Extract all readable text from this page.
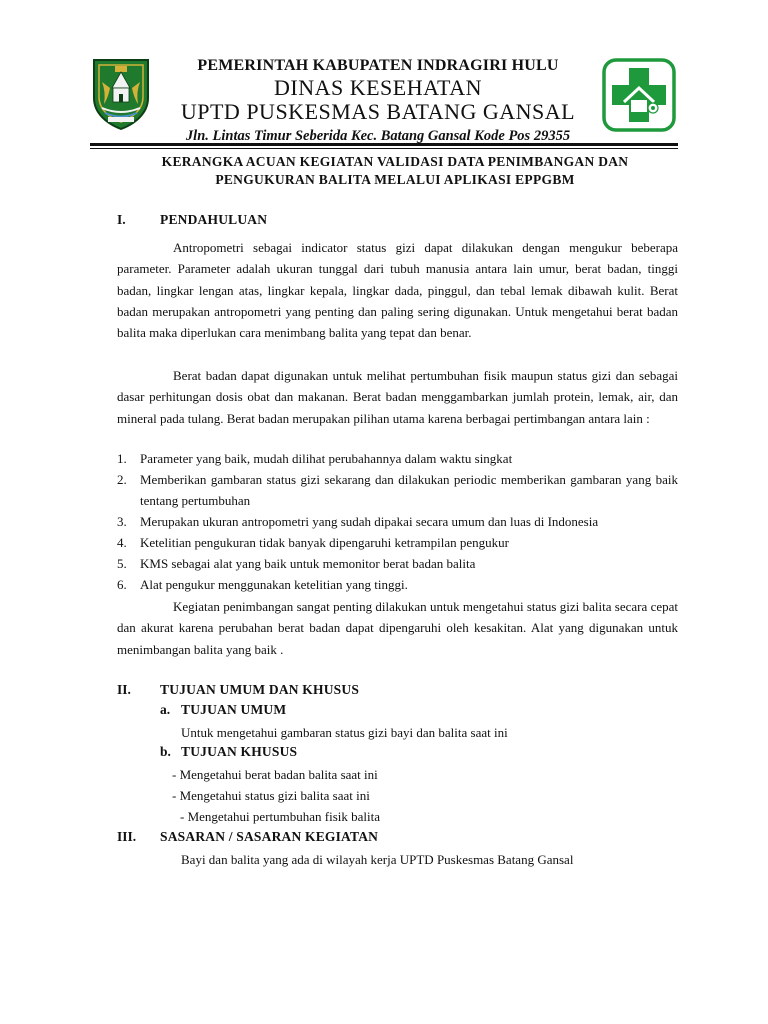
PEMERINTAH KABUPATEN INDRAGIRI HULU
DINAS KESEHATAN
UPTD PUSKESMAS BATANG GANSAL
Jln. Lintas Timur Seberida Kec. Batang Gansal Kode Pos 29355
KERANGKA ACUAN KEGIATAN VALIDASI DATA PENIMBANGAN DAN
PENGUKURAN BALITA MELALUI APLIKASI EPPGBM
I.	PENDAHULUAN
Antropometri sebagai indicator status gizi dapat dilakukan dengan mengukur beberapa parameter. Parameter adalah ukuran tunggal dari tubuh manusia antara lain umur, berat badan, tinggi badan, lingkar lengan atas, lingkar kepala, lingkar dada, pinggul, dan tebal lemak dibawah kulit. Berat badan merupakan antropometri yang penting dan paling sering digunakan. Untuk mengetahui berat badan balita maka diperlukan cara menimbang balita yang tepat dan benar.
Berat badan dapat digunakan untuk melihat pertumbuhan fisik maupun status gizi dan sebagai dasar perhitungan dosis obat dan makanan. Berat badan menggambarkan jumlah protein, lemak, air, dan mineral pada tulang. Berat badan merupakan pilihan utama karena berbagai pertimbangan antara lain :
1.	Parameter yang baik, mudah dilihat perubahannya dalam waktu singkat
2.	Memberikan gambaran status gizi sekarang dan dilakukan periodic memberikan gambaran yang baik tentang pertumbuhan
3.	Merupakan ukuran antropometri yang sudah dipakai secara umum dan luas di Indonesia
4.	Ketelitian pengukuran tidak banyak dipengaruhi ketrampilan pengukur
5.	KMS sebagai alat yang baik untuk memonitor berat badan balita
6.	Alat pengukur menggunakan ketelitian yang tinggi.
Kegiatan penimbangan sangat penting dilakukan untuk mengetahui status gizi balita secara cepat dan akurat karena perubahan berat badan dapat dipengaruhi oleh kesakitan. Alat yang digunakan untuk menimbangan balita yang baik .
II. TUJUAN UMUM DAN KHUSUS
a. TUJUAN UMUM
Untuk mengetahui gambaran status gizi bayi dan balita saat ini
b. TUJUAN KHUSUS
- Mengetahui berat badan balita saat ini
- Mengetahui status gizi balita saat ini
- Mengetahui pertumbuhan fisik balita
III. SASARAN / SASARAN KEGIATAN
Bayi dan balita yang ada di wilayah kerja UPTD Puskesmas Batang Gansal
